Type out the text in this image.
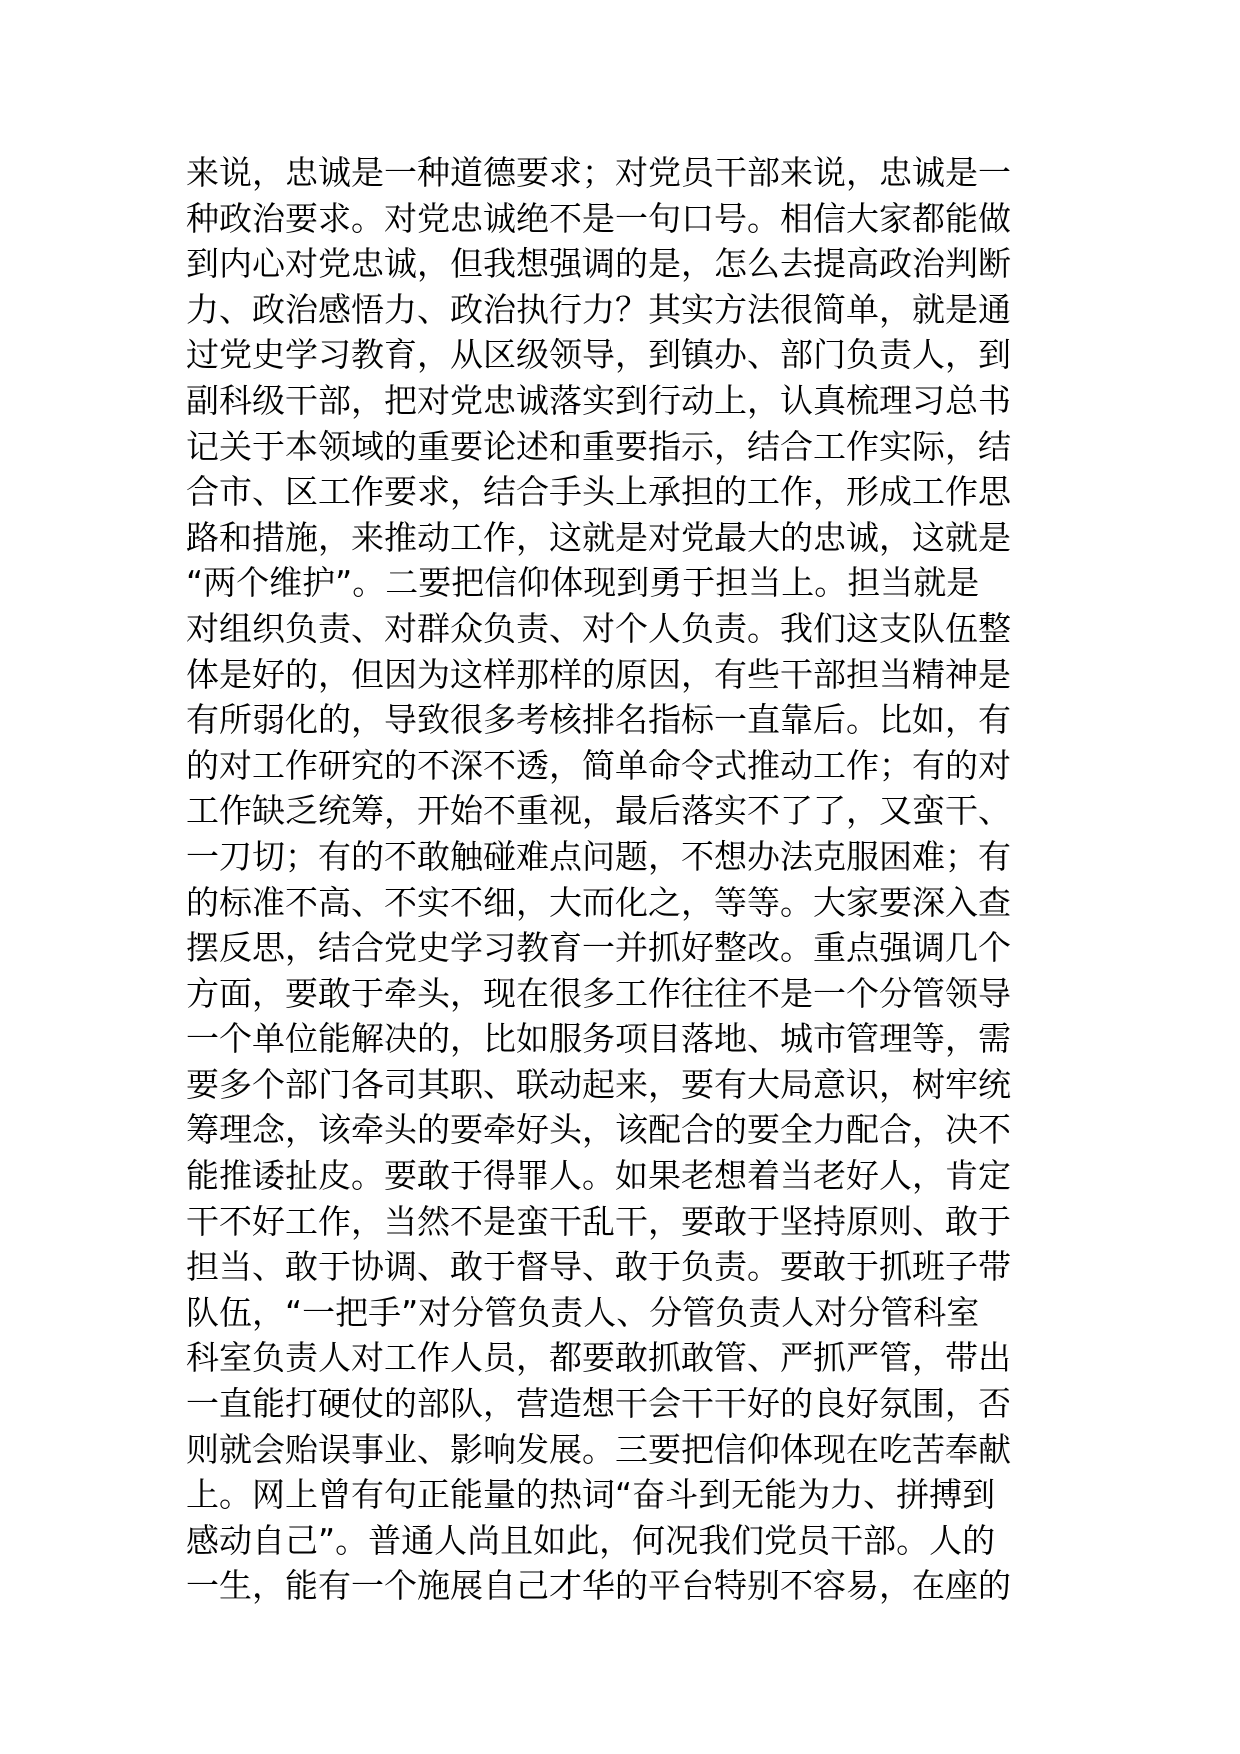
来说，忠诚是一种道德要求；对党员干部来说，忠诚是一
种政治要求。对党忠诚绝不是一句口号。相信大家都能做
到内心对党忠诚，但我想强调的是，怎么去提高政治判断
力、政治感悟力、政治执行力？其实方法很简单，就是通
过党史学习教育，从区级领导，到镇办、部门负责人，到
副科级干部，把对党忠诚落实到行动上，认真梳理习总书
记关于本领域的重要论述和重要指示，结合工作实际，结
合市、区工作要求，结合手头上承担的工作，形成工作思
路和措施，来推动工作，这就是对党最大的忠诚，这就是
“两个维护”。二要把信仰体现到勇于担当上。担当就是
对组织负责、对群众负责、对个人负责。我们这支队伍整
体是好的，但因为这样那样的原因，有些干部担当精神是
有所弱化的，导致很多考核排名指标一直靠后。比如，有
的对工作研究的不深不透，简单命令式推动工作；有的对
工作缺乏统筹，开始不重视，最后落实不了了，又蛮干、
一刀切；有的不敢触碰难点问题，不想办法克服困难；有
的标准不高、不实不细，大而化之，等等。大家要深入查
摆反思，结合党史学习教育一并抓好整改。重点强调几个
方面，要敢于牵头，现在很多工作往往不是一个分管领导
一个单位能解决的，比如服务项目落地、城市管理等，需
要多个部门各司其职、联动起来，要有大局意识，树牢统
筹理念，该牵头的要牵好头，该配合的要全力配合，决不
能推诿扯皮。要敢于得罪人。如果老想着当老好人，肯定
干不好工作，当然不是蛮干乱干，要敢于坚持原则、敢于
担当、敢于协调、敢于督导、敢于负责。要敢于抓班子带
队伍，“一把手”对分管负责人、分管负责人对分管科室
科室负责人对工作人员，都要敢抓敢管、严抓严管，带出
一直能打硬仗的部队，营造想干会干干好的良好氛围，否
则就会贻误事业、影响发展。三要把信仰体现在吃苦奉献
上。网上曾有句正能量的热词“奋斗到无能为力、拼搏到
感动自己”。普通人尚且如此，何况我们党员干部。人的
一生，能有一个施展自己才华的平台特别不容易，在座的
